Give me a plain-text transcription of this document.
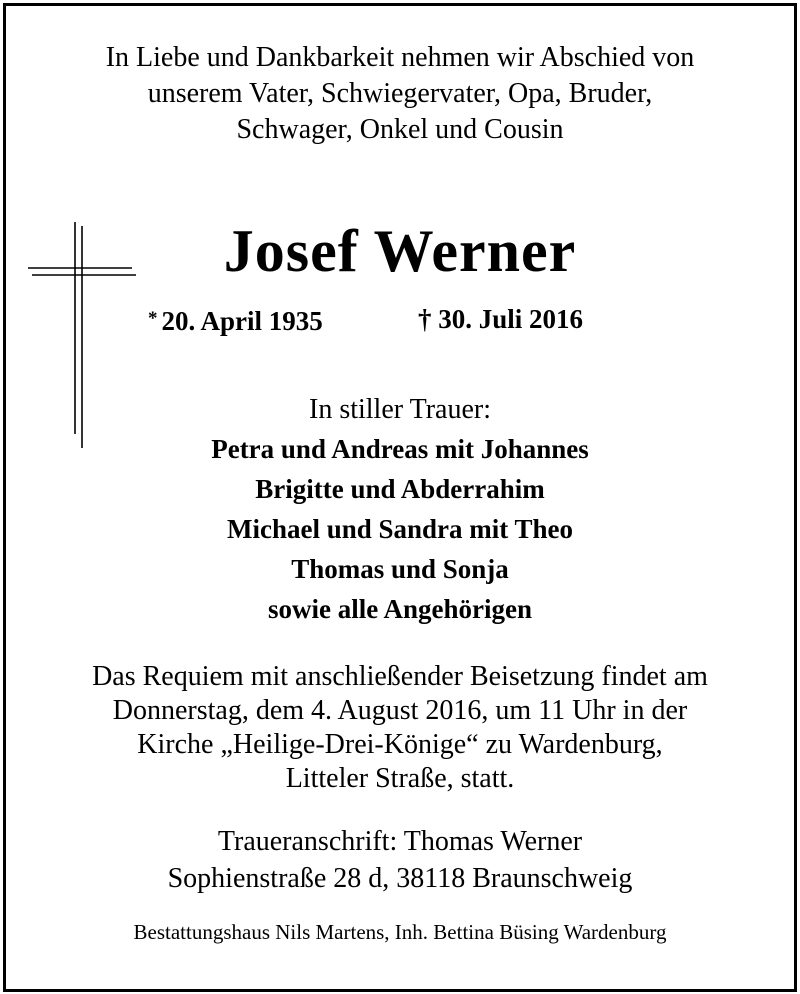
In Liebe und Dankbarkeit nehmen wir Abschied von
unserem Vater, Schwiegervater, Opa, Bruder,
Schwager, Onkel und Cousin
Josef Werner
* 20. April 1935	† 30. Juli 2016
In stiller Trauer:
Petra und Andreas mit Johannes
Brigitte und Abderrahim
Michael und Sandra mit Theo
Thomas und Sonja
sowie alle Angehörigen
Das Requiem mit anschließender Beisetzung findet am
Donnerstag, dem 4. August 2016, um 11 Uhr in der
Kirche „Heilige-Drei-Könige“ zu Wardenburg,
Litteler Straße, statt.
Traueranschrift: Thomas Werner
Sophienstraße 28 d, 38118 Braunschweig
Bestattungshaus Nils Martens, Inh. Bettina Büsing Wardenburg
